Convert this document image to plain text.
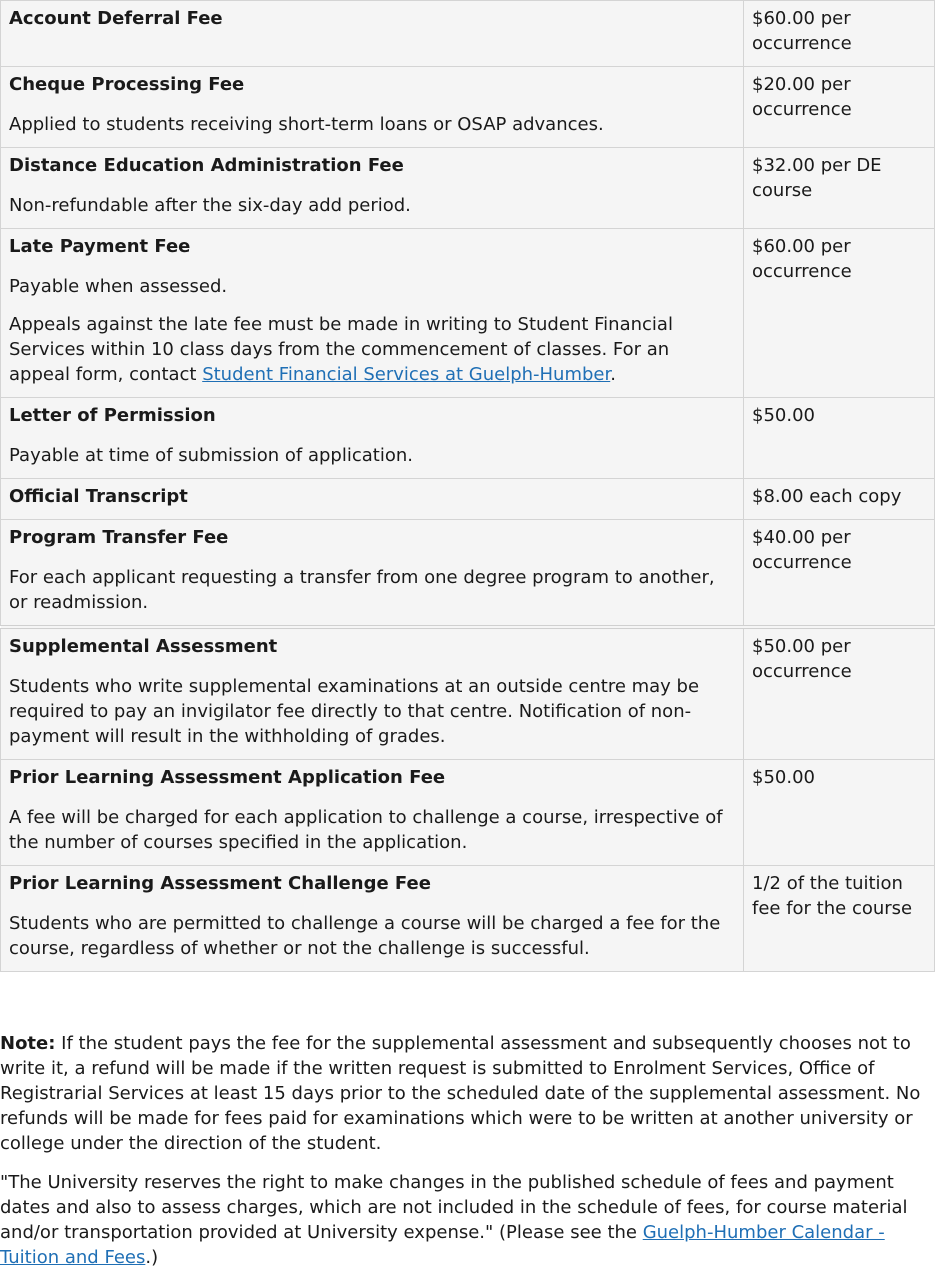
Account Deferral Fee	$60.00 per occurrence

Cheque Processing Fee

Applied to students receiving short-term loans or OSAP advances.	$20.00 per occurrence

Distance Education Administration Fee

Non-refundable after the six-day add period.	$32.00 per DE course

Late Payment Fee

Payable when assessed.

Appeals against the late fee must be made in writing to Student Financial Services within 10 class days from the commencement of classes. For an appeal form, contact Student Financial Services at Guelph-Humber.	$60.00 per occurrence

Letter of Permission

Payable at time of submission of application.	$50.00

Official Transcript	$8.00 each copy

Program Transfer Fee

For each applicant requesting a transfer from one degree program to another, or readmission.	$40.00 per occurrence

Supplemental Assessment

Students who write supplemental examinations at an outside centre may be required to pay an invigilator fee directly to that centre. Notification of non-payment will result in the withholding of grades.	$50.00 per occurrence

Prior Learning Assessment Application Fee

A fee will be charged for each application to challenge a course, irrespective of the number of courses specified in the application.	$50.00

Prior Learning Assessment Challenge Fee

Students who are permitted to challenge a course will be charged a fee for the course, regardless of whether or not the challenge is successful.	1/2 of the tuition fee for the course

Note: If the student pays the fee for the supplemental assessment and subsequently chooses not to write it, a refund will be made if the written request is submitted to Enrolment Services, Office of Registrarial Services at least 15 days prior to the scheduled date of the supplemental assessment. No refunds will be made for fees paid for examinations which were to be written at another university or college under the direction of the student.

"The University reserves the right to make changes in the published schedule of fees and payment dates and also to assess charges, which are not included in the schedule of fees, for course material and/or transportation provided at University expense." (Please see the Guelph-Humber Calendar - Tuition and Fees.)
